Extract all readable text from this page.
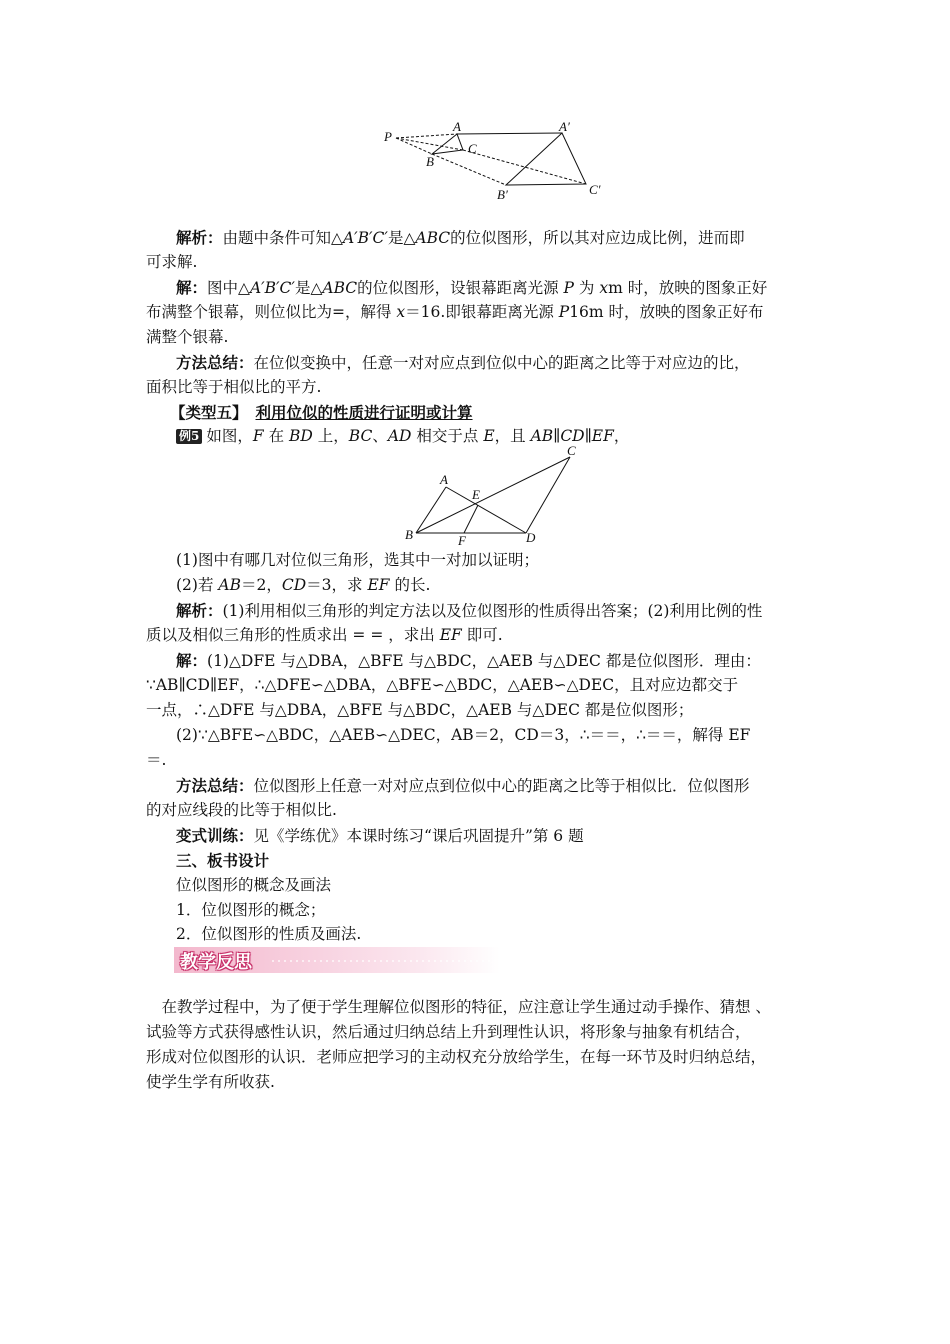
P
A
B
C
A′
B′	C′
解析：由题中条件可知△A′B′C′是△ABC的位似图形，所以其对应边成比例，进而即
可求解.
解：图中△A′B′C′是△ABC的位似图形，设银幕距离光源 P 为 xm 时，放映的图象正好
布满整个银幕，则位似比为=，解得 x＝16.即银幕距离光源 P16m 时，放映的图象正好布
满整个银幕.
方法总结：在位似变换中，任意一对对应点到位似中心的距离之比等于对应边的比，
面积比等于相似比的平方.
【类型五】 利用位似的性质进行证明或计算
例5 如图，F 在 BD 上，BC、AD 相交于点 E，且 AB∥CD∥EF，
A
B
C
D
E
F
(1)图中有哪几对位似三角形，选其中一对加以证明；
(2)若 AB＝2，CD＝3，求 EF 的长.
解析：(1)利用相似三角形的判定方法以及位似图形的性质得出答案；(2)利用比例的性
质以及相似三角形的性质求出 = = ，求出 EF 即可.
解：(1)△DFE 与△DBA，△BFE 与△BDC，△AEB 与△DEC 都是位似图形．理由：
∵AB∥CD∥EF，∴△DFE∽△DBA，△BFE∽△BDC，△AEB∽△DEC，且对应边都交于
一点，∴△DFE 与△DBA，△BFE 与△BDC，△AEB 与△DEC 都是位似图形；
(2)∵△BFE∽△BDC，△AEB∽△DEC，AB＝2，CD＝3，∴＝＝，∴＝＝，解得 EF
＝.
方法总结：位似图形上任意一对对应点到位似中心的距离之比等于相似比．位似图形
的对应线段的比等于相似比.
变式训练：见《学练优》本课时练习“课后巩固提升”第 6 题
三、板书设计
位似图形的概念及画法
1．位似图形的概念；
2．位似图形的性质及画法.
教学反思
　在教学过程中，为了便于学生理解位似图形的特征，应注意让学生通过动手操作、猜想 、
试验等方式获得感性认识，然后通过归纳总结上升到理性认识，将形象与抽象有机结合，
形成对位似图形的认识．老师应把学习的主动权充分放给学生，在每一环节及时归纳总结，
使学生学有所收获.
